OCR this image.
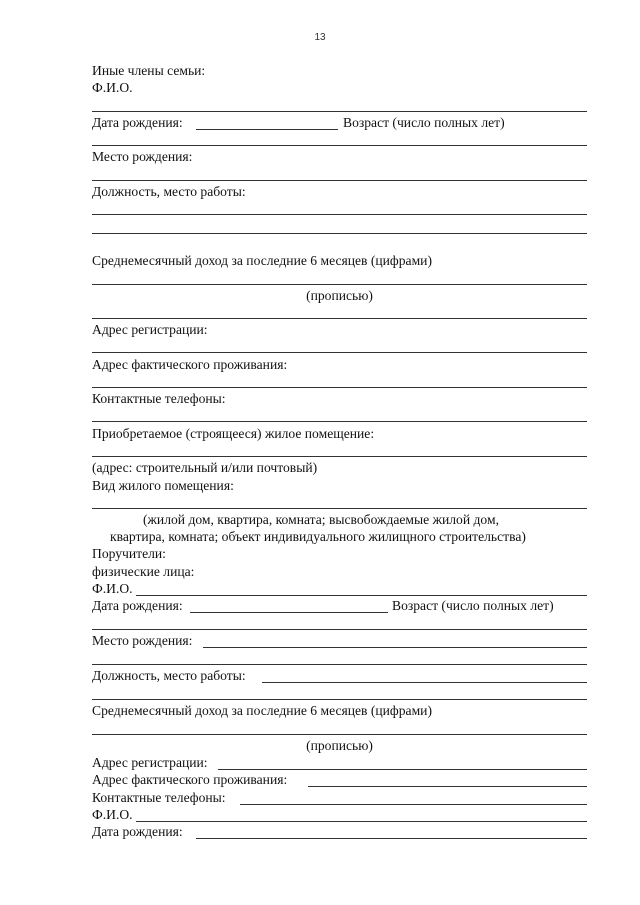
13
Иные члены семьи:
Ф.И.О.
Дата рождения:	Возраст (число полных лет)
Место рождения:
Должность, место работы:
Среднемесячный доход за последние 6 месяцев (цифрами)
(прописью)
Адрес регистрации:
Адрес фактического проживания:
Контактные телефоны:
Приобретаемое (строящееся) жилое помещение:
(адрес: строительный и/или почтовый)
Вид жилого помещения:
(жилой дом, квартира, комната; высвобождаемые жилой дом,
квартира, комната; объект индивидуального жилищного строительства)
Поручители:
физические лица:
Ф.И.О.
Дата рождения:	Возраст (число полных лет)
Место рождения:
Должность, место работы:
Среднемесячный доход за последние 6 месяцев (цифрами)
(прописью)
Адрес регистрации:
Адрес фактического проживания:
Контактные телефоны:
Ф.И.О.
Дата рождения:
